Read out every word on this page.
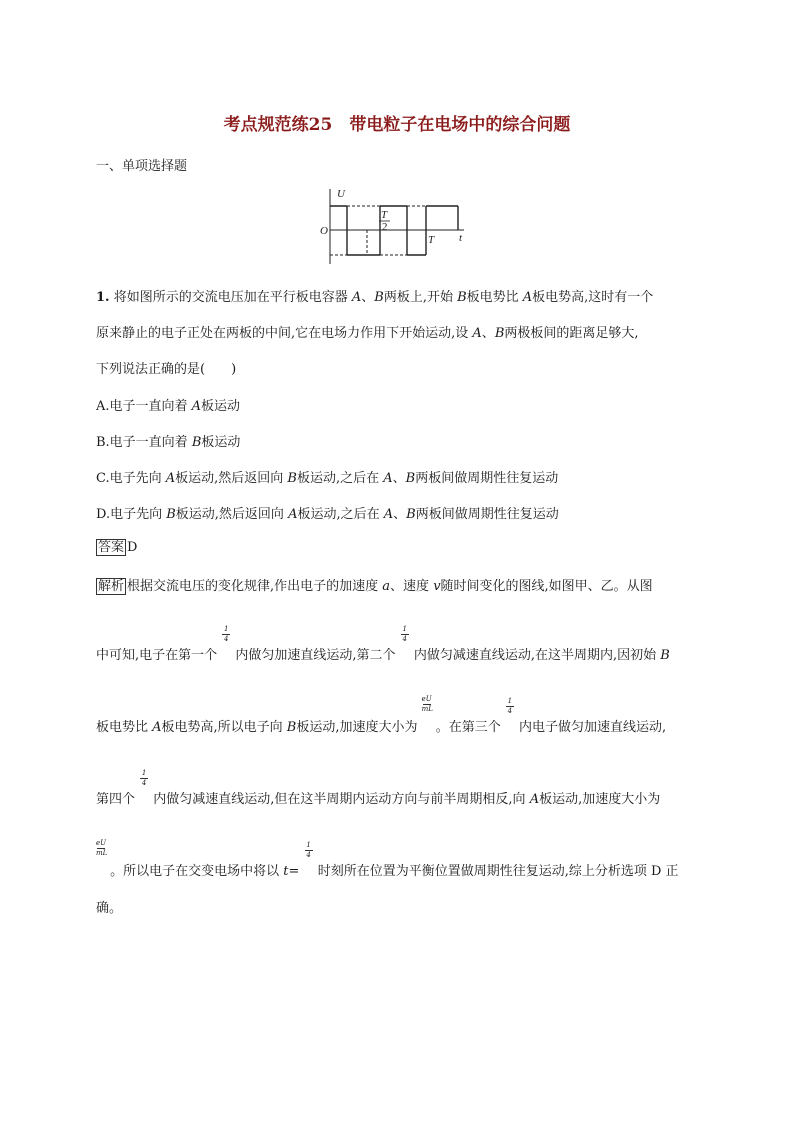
考点规范练25　带电粒子在电场中的综合问题
一、单项选择题
U
t
O
T
2
T
1. 将如图所示的交流电压加在平行板电容器 A、B两板上,开始 B板电势比 A板电势高,这时有一个
原来静止的电子正处在两板的中间,它在电场力作用下开始运动,设 A、B两极板间的距离足够大,
下列说法正确的是(　　)
A.电子一直向着 A板运动
B.电子一直向着 B板运动
C.电子先向 A板运动,然后返回向 B板运动,之后在 A、B两板间做周期性往复运动
D.电子先向 B板运动,然后返回向 A板运动,之后在 A、B两板间做周期性往复运动
答案 D
解析 根据交流电压的变化规律,作出电子的加速度 a、速度 v随时间变化的图线,如图甲、乙。从图
中可知,电子在第一个 $\frac{1}{4}$ 内做匀加速直线运动,第二个 $\frac{1}{4}$ 内做匀减速直线运动,在这半周期内,因初始 B
板电势比 A板电势高,所以电子向 B板运动,加速度大小为 $\frac{eU}{mL}$ 。在第三个 $\frac{1}{4}$ 内电子做匀加速直线运动,
第四个 $\frac{1}{4}$ 内做匀减速直线运动,但在这半周期内运动方向与前半周期相反,向 A板运动,加速度大小为
$\frac{eU}{mL}$ 。所以电子在交变电场中将以 $t= \frac{1}{4}$ 时刻所在位置为平衡位置做周期性往复运动,综上分析选项 D 正
确。
